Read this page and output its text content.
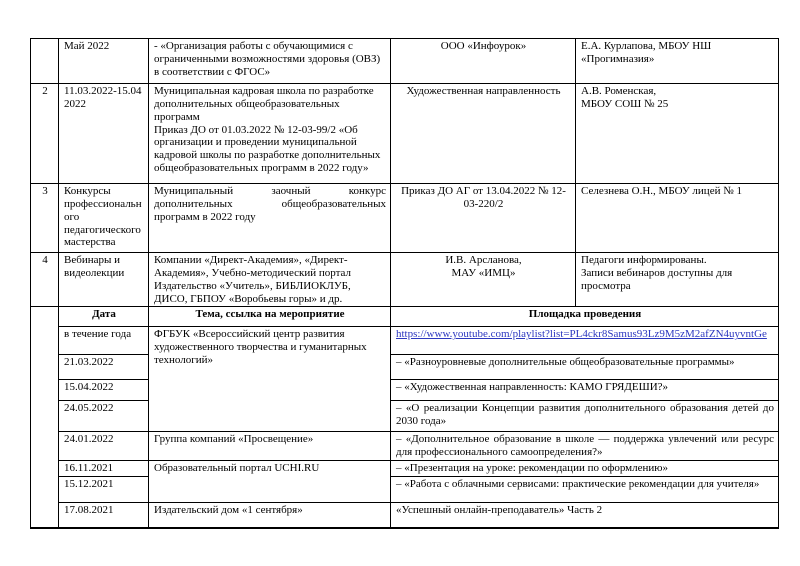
	Май 2022	- «Организация работы с обучающимися с ограниченными возможностями здоровья (ОВЗ) в соответствии с ФГОС»	ООО «Инфоурок»	Е.А. Курлапова, МБОУ НШ
«Прогимназия»
2	11.03.2022-15.04 2022	Муниципальная кадровая школа по разработке дополнительных общеобразовательных программ
Приказ ДО от 01.03.2022 № 12-03-99/2 «Об организации и проведении муниципальной кадровой школы по разработке дополнительных общеобразовательных программ в 2022 году»	Художественная направленность	А.В. Роменская,
МБОУ СОШ № 25
3	Конкурсы профессионального педагогического мастерства	Муниципальный заочный конкурс дополнительных общеобразовательных программ в 2022 году	Приказ ДО АГ от 13.04.2022 № 12-03-220/2	Селезнева О.Н., МБОУ лицей № 1
4	Вебинары и видеолекции	Компании «Директ-Академия», «Директ-Академия», Учебно-методический портал Издательство «Учитель», БИБЛИОКЛУБ, ДИСО, ГБПОУ «Воробьевы горы» и др.	И.В. Арсланова,
МАУ «ИМЦ»	Педагоги информированы.
Записи вебинаров доступны для просмотра
	Дата	Тема, ссылка на мероприятие	Площадка проведения	
	в течение года	ФГБУК «Всероссийский центр развития художественного творчества и гуманитарных технологий»	https://www.youtube.com/playlist?list=PL4ckr8Samus93Lz9M5zM2afZN4uyvntGe	
	21.03.2022		– «Разноуровневые дополнительные общеобразовательные программы»	
	15.04.2022		– «Художественная направленность: КАМО ГРЯДЕШИ?»	
	24.05.2022		– «О реализации Концепции развития дополнительного образования детей до 2030 года»	
	24.01.2022	Группа компаний «Просвещение»	– «Дополнительное образование в школе — поддержка увлечений или ресурс для профессионального самоопределения?»	
	16.11.2021	Образовательный портал UCHI.RU	– «Презентация на уроке: рекомендации по оформлению»	
	15.12.2021		– «Работа с облачными сервисами: практические рекомендации для учителя»	
	17.08.2021	Издательский дом «1 сентября»	«Успешный онлайн-преподаватель» Часть 2	
